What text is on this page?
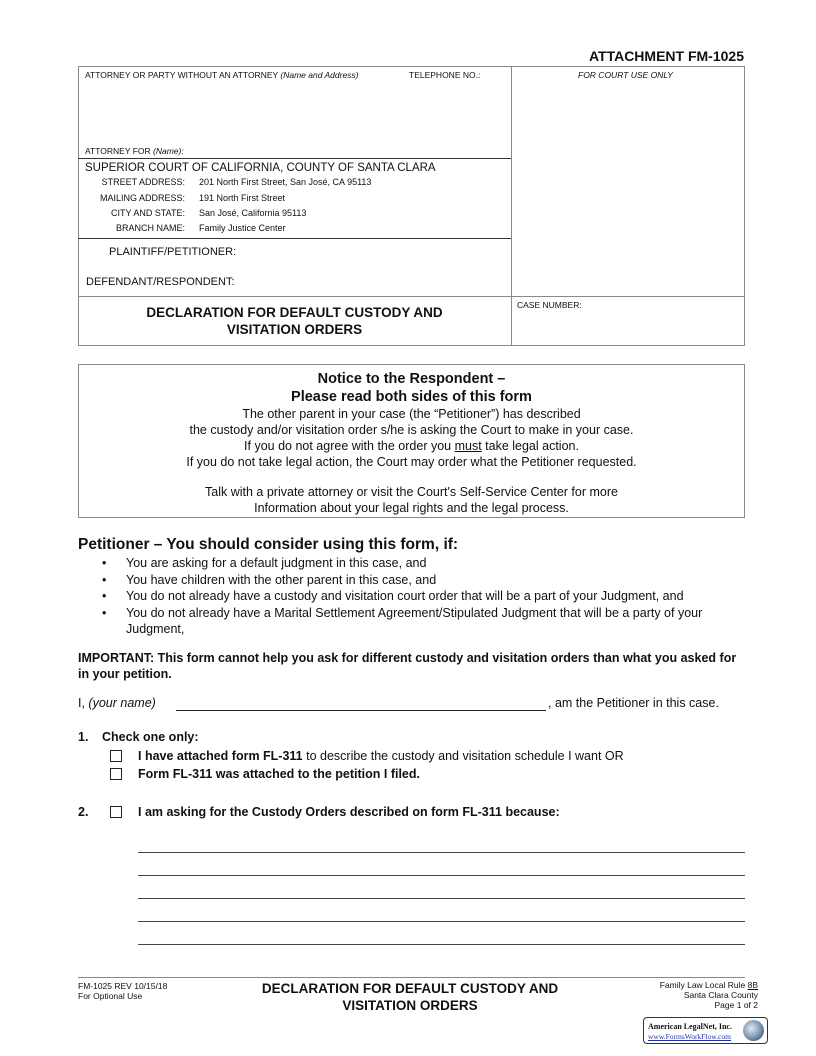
ATTACHMENT FM-1025
ATTORNEY OR PARTY WITHOUT AN ATTORNEY (Name and Address)	TELEPHONE NO.:	FOR COURT USE ONLY
ATTORNEY FOR (Name):
SUPERIOR COURT OF CALIFORNIA, COUNTY OF SANTA CLARA
STREET ADDRESS: 201 North First Street, San José, CA 95113
MAILING ADDRESS: 191 North First Street
CITY AND STATE: San José, California 95113
BRANCH NAME: Family Justice Center
PLAINTIFF/PETITIONER:
DEFENDANT/RESPONDENT:
DECLARATION FOR DEFAULT CUSTODY AND
VISITATION ORDERS
CASE NUMBER:
Notice to the Respondent –
Please read both sides of this form
The other parent in your case (the “Petitioner”) has described
the custody and/or visitation order s/he is asking the Court to make in your case.
If you do not agree with the order you must take legal action.
If you do not take legal action, the Court may order what the Petitioner requested.
Talk with a private attorney or visit the Court's Self-Service Center for more
Information about your legal rights and the legal process.
Petitioner – You should consider using this form, if:
• You are asking for a default judgment in this case, and
• You have children with the other parent in this case, and
• You do not already have a custody and visitation court order that will be a part of your Judgment, and
• You do not already have a Marital Settlement Agreement/Stipulated Judgment that will be a party of your Judgment,
IMPORTANT: This form cannot help you ask for different custody and visitation orders than what you asked for in your petition.
I, (your name)	, am the Petitioner in this case.
1. Check one only:
I have attached form FL-311 to describe the custody and visitation schedule I want OR
Form FL-311 was attached to the petition I filed.
2.	I am asking for the Custody Orders described on form FL-311 because:
FM-1025 REV 10/15/18
For Optional Use	DECLARATION FOR DEFAULT CUSTODY AND
VISITATION ORDERS
Family Law Local Rule 8B
Santa Clara County
Page 1 of 2
American LegalNet, Inc.
www.FormsWorkFlow.com
